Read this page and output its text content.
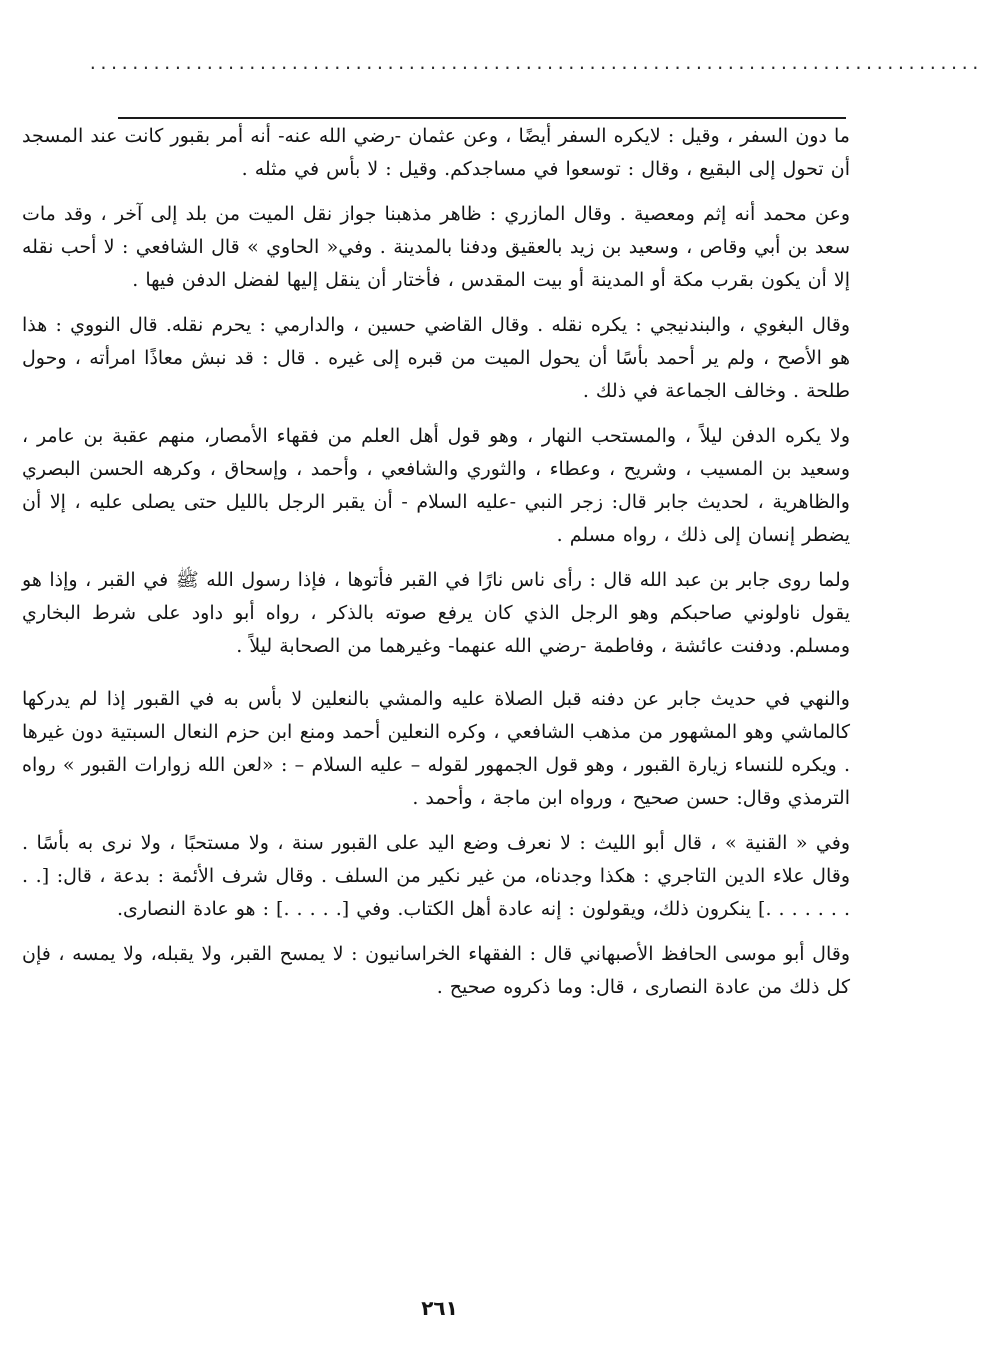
....................................................................................

ما دون السفر ، وقيل : لايكره السفر أيضًا ، وعن عثمان -رضي الله عنه- أنه أمر بقبور كانت عند المسجد أن تحول إلى البقيع ، وقال : توسعوا في مساجدكم. وقيل : لا بأس في مثله .

وعن محمد أنه إثم ومعصية . وقال المازري : ظاهر مذهبنا جواز نقل الميت من بلد إلى آخر ، وقد مات سعد بن أبي وقاص ، وسعيد بن زيد بالعقيق ودفنا بالمدينة . وفي« الحاوي » قال الشافعي : لا أحب نقله إلا أن يكون بقرب مكة أو المدينة أو بيت المقدس ، فأختار أن ينقل إليها لفضل الدفن فيها .

وقال البغوي ، والبندنيجي : يكره نقله . وقال القاضي حسين ، والدارمي : يحرم نقله. قال النووي : هذا هو الأصح ، ولم ير أحمد بأسًا أن يحول الميت من قبره إلى غيره . قال : قد نبش معاذًا امرأته ، وحول طلحة . وخالف الجماعة في ذلك .

ولا يكره الدفن ليلاً ، والمستحب النهار ، وهو قول أهل العلم من فقهاء الأمصار، منهم عقبة بن عامر ، وسعيد بن المسيب ، وشريح ، وعطاء ، والثوري والشافعي ، وأحمد ، وإسحاق ، وكرهه الحسن البصري والظاهرية ، لحديث جابر قال: زجر النبي -عليه السلام - أن يقبر الرجل بالليل حتى يصلى عليه ، إلا أن يضطر إنسان إلى ذلك ، رواه مسلم .

ولما روى جابر بن عبد الله قال : رأى ناس نارًا في القبر فأتوها ، فإذا رسول الله ﷺ في القبر ، وإذا هو يقول ناولوني صاحبكم وهو الرجل الذي كان يرفع صوته بالذكر ، رواه أبو داود على شرط البخاري ومسلم. ودفنت عائشة ، وفاطمة -رضي الله عنهما- وغيرهما من الصحابة ليلاً .

والنهي في حديث جابر عن دفنه قبل الصلاة عليه والمشي بالنعلين لا بأس به في القبور إذا لم يدركها كالماشي وهو المشهور من مذهب الشافعي ، وكره النعلين أحمد ومنع ابن حزم النعال السبتية دون غيرها . ويكره للنساء زيارة القبور ، وهو قول الجمهور لقوله – عليه السلام – : «لعن الله زوارات القبور » رواه الترمذي وقال: حسن صحيح ، ورواه ابن ماجة ، وأحمد .

وفي « القنية » ، قال أبو الليث : لا نعرف وضع اليد على القبور سنة ، ولا مستحبًا ، ولا نرى به بأسًا . وقال علاء الدين التاجري : هكذا وجدناه، من غير نكير من السلف . وقال شرف الأئمة : بدعة ، قال: [. . . . . . . . .] ينكرون ذلك، ويقولون : إنه عادة أهل الكتاب. وفي [. . . . .] : هو عادة النصارى.

وقال أبو موسى الحافظ الأصبهاني قال : الفقهاء الخراسانيون : لا يمسح القبر، ولا يقبله، ولا يمسه ، فإن كل ذلك من عادة النصارى ، قال: وما ذكروه صحيح .

٢٦١
